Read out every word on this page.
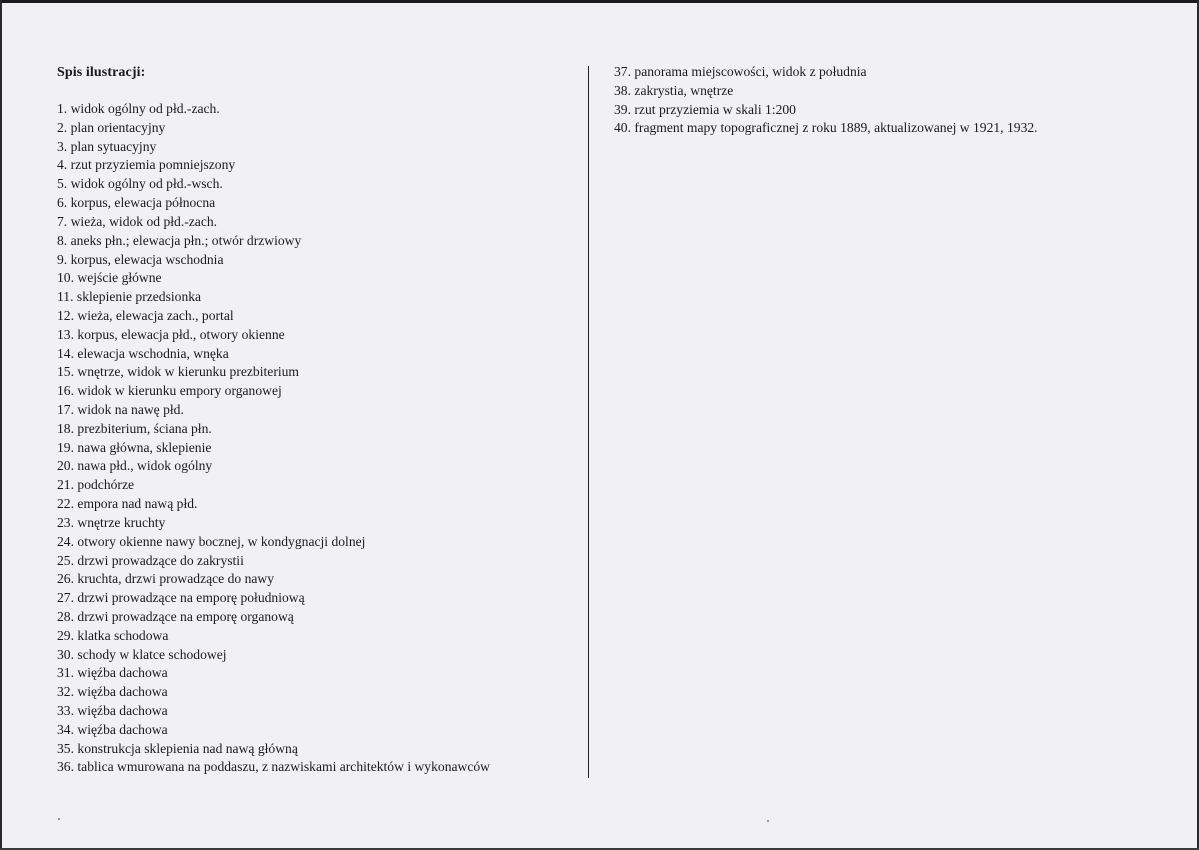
Spis ilustracji:
1. widok ogólny od płd.-zach.
2. plan orientacyjny
3. plan sytuacyjny
4. rzut przyziemia pomniejszony
5. widok ogólny od płd.-wsch.
6. korpus, elewacja północna
7. wieża, widok od płd.-zach.
8. aneks płn.; elewacja płn.; otwór drzwiowy
9. korpus, elewacja wschodnia
10. wejście główne
11. sklepienie przedsionka
12. wieża, elewacja zach., portal
13. korpus, elewacja płd., otwory okienne
14. elewacja wschodnia, wnęka
15. wnętrze, widok w kierunku prezbiterium
16. widok w kierunku empory organowej
17. widok na nawę płd.
18. prezbiterium, ściana płn.
19. nawa główna, sklepienie
20. nawa płd., widok ogólny
21. podchórze
22. empora nad nawą płd.
23. wnętrze kruchty
24. otwory okienne nawy bocznej, w kondygnacji dolnej
25. drzwi prowadzące do zakrystii
26. kruchta, drzwi prowadzące do nawy
27. drzwi prowadzące na emporę południową
28. drzwi prowadzące na emporę organową
29. klatka schodowa
30. schody w klatce schodowej
31. więźba dachowa
32. więźba dachowa
33. więźba dachowa
34. więźba dachowa
35. konstrukcja sklepienia nad nawą główną
36. tablica wmurowana na poddaszu, z nazwiskami architektów i wykonawców
37. panorama miejscowości, widok z południa
38. zakrystia, wnętrze
39. rzut przyziemia w skali 1:200
40. fragment mapy topograficznej z roku 1889, aktualizowanej w 1921, 1932.
